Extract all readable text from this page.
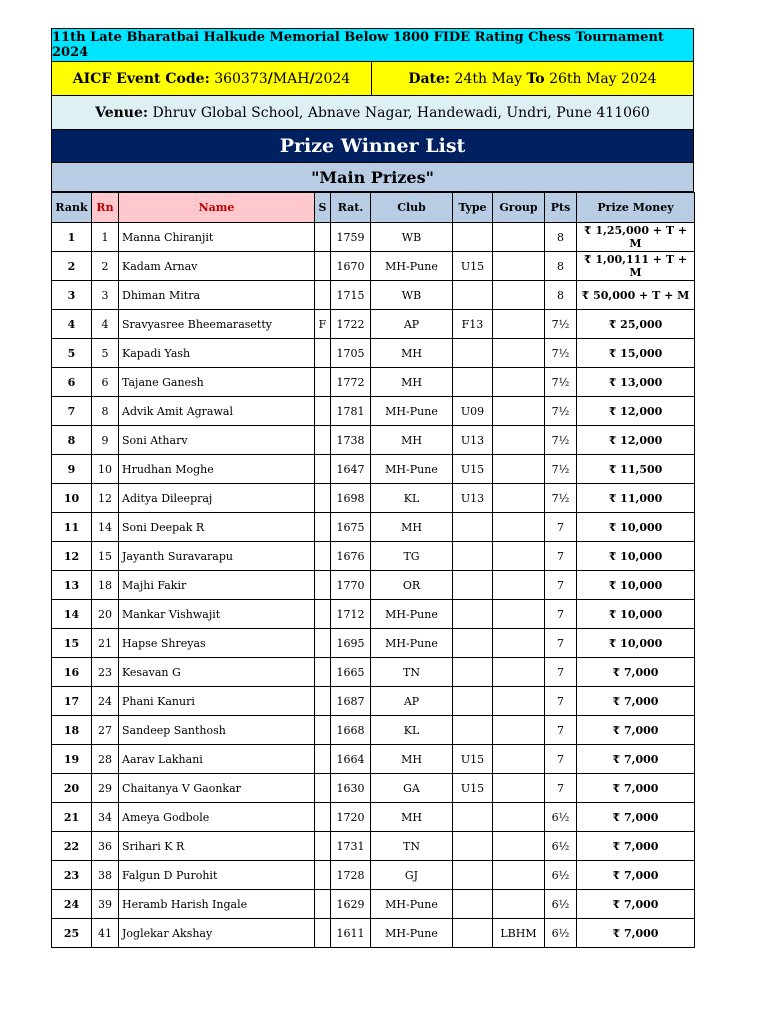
11th Late Bharatbai Halkude Memorial Below 1800 FIDE Rating Chess Tournament 2024
AICF Event Code:
360373 / MAH / 2024	Date:
24th May
To
26th May 2024
Venue:
Dhruv Global School, Abnave Nagar, Handewadi, Undri, Pune 411060
Prize Winner List
"Main Prizes"
Rank	Rn	Name	S	Rat.	Club	Type	Group	Pts	Prize Money
1	1	Manna Chiranjit		1759	WB			8	₹ 1,25,000 + T + M
2	2	Kadam Arnav		1670	MH-Pune	U15		8	₹ 1,00,111 + T + M
3	3	Dhiman Mitra		1715	WB			8	₹ 50,000 + T + M
4	4	Sravyasree Bheemarasetty	F	1722	AP	F13		7½	₹ 25,000
5	5	Kapadi Yash		1705	MH			7½	₹ 15,000
6	6	Tajane Ganesh		1772	MH			7½	₹ 13,000
7	8	Advik Amit Agrawal		1781	MH-Pune	U09		7½	₹ 12,000
8	9	Soni Atharv		1738	MH	U13		7½	₹ 12,000
9	10	Hrudhan Moghe		1647	MH-Pune	U15		7½	₹ 11,500
10	12	Aditya Dileepraj		1698	KL	U13		7½	₹ 11,000
11	14	Soni Deepak R		1675	MH			7	₹ 10,000
12	15	Jayanth Suravarapu		1676	TG			7	₹ 10,000
13	18	Majhi Fakir		1770	OR			7	₹ 10,000
14	20	Mankar Vishwajit		1712	MH-Pune			7	₹ 10,000
15	21	Hapse Shreyas		1695	MH-Pune			7	₹ 10,000
16	23	Kesavan G		1665	TN			7	₹ 7,000
17	24	Phani Kanuri		1687	AP			7	₹ 7,000
18	27	Sandeep Santhosh		1668	KL			7	₹ 7,000
19	28	Aarav Lakhani		1664	MH	U15		7	₹ 7,000
20	29	Chaitanya V Gaonkar		1630	GA	U15		7	₹ 7,000
21	34	Ameya Godbole		1720	MH			6½	₹ 7,000
22	36	Srihari K R		1731	TN			6½	₹ 7,000
23	38	Falgun D Purohit		1728	GJ			6½	₹ 7,000
24	39	Heramb Harish Ingale		1629	MH-Pune			6½	₹ 7,000
25	41	Joglekar Akshay		1611	MH-Pune		LBHM	6½	₹ 7,000
